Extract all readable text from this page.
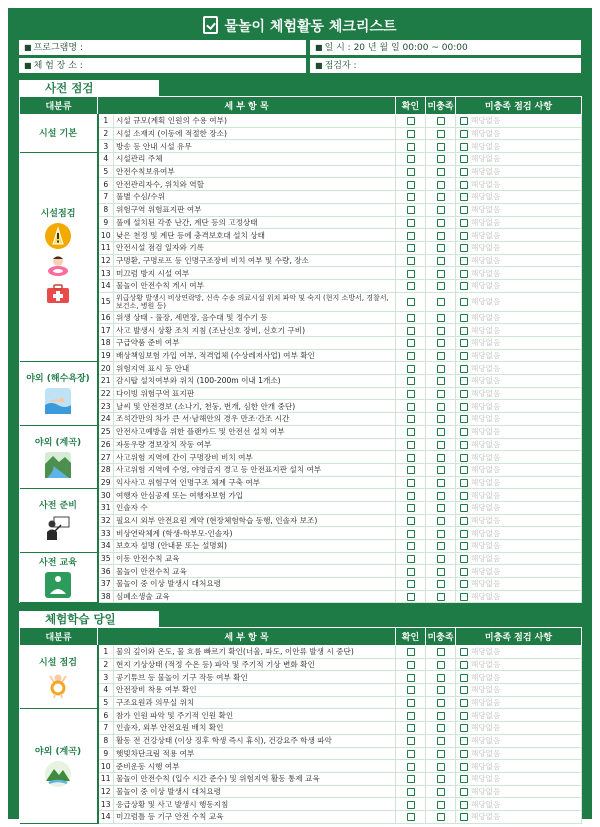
물놀이 체험활동 체크리스트
■ 프로그램명 :	■ 일 시 : 20 년 월 일 00:00 ~ 00:00
■ 체 험 장 소 :	■ 점검자 :
사전 점검
대분류	세 부 항 목		확인	미충족	미충족 점검 사항

시설 기본	1	시설 규모(계획 인원의 수용 여부)			해당없음
	2	시설 소재지 (이동에 적절한 장소)			해당없음
	3	방송 등 안내 시설 유무			해당없음

시설점검	4	시설관리 주체			해당없음
	5	안전수칙보유여부			해당없음
	6	안전관리자수, 위치와 역할			해당없음
	7	풀별 수심/수위			해당없음
	8	위험구역 위험표지판 여부			해당없음
	9	풀에 설치된 각종 난간, 계단 등의 고정상태			해당없음
	10	낮은 천정 및 계단 등에 충격보호대 설치 상태			해당없음
	11	안전시설 점검 일자와 기록			해당없음
	12	구명환, 구명로프 등 인명구조장비 비치 여부 및 수량, 장소			해당없음
	13	미끄럼 방지 시설 여부			해당없음
	14	물놀이 안전수칙 게시 여부			해당없음
	15	위급상황 발생시 비상연락망, 신속 수송 의료시설 위치 파악 및 숙지 (현지 소방서, 경찰서, 보건소, 병원 등)			해당없음
	16	위생 상태 - 풀장, 세면장, 음수대 및 정수기 등			해당없음
	17	사고 발생시 상황 조치 지침 (조난신호 장비, 신호기 구비)			해당없음
	18	구급약품 준비 여부			해당없음
	19	배상책임보험 가입 여부, 적격업체 (수상레저사업) 여부 확인			해당없음

야외 (해수욕장)	20	위험지역 표시 등 안내			해당없음
	21	감시탑 설치여부와 위치 (100-200m 이내 1개소)			해당없음
	22	다이빙 위험구역 표지판			해당없음
	23	날씨 및 안전경보 (소나기, 천둥, 번개, 심한 안개 중단)			해당없음
	24	조석간만의 차가 큰 서·남해안의 경우 만조·간조 시간			해당없음

야외 (계곡)	25	안전사고예방을 위한 플랜카드 및 안전선 설치 여부			해당없음
	26	자동우량 경보장치 작동 여부			해당없음
	27	사고위험 지역에 간이 구명장비 비치 여부			해당없음
	28	사고위험 지역에 수영, 야영금지 경고 등 안전표지판 설치 여부			해당없음
	29	익사사고 위험구역 인명구조 체계 구축 여부			해당없음

사전 준비	30	여행자 안심공제 또는 여행자보험 가입			해당없음
	31	인솔자 수			해당없음
	32	필요시 외부 안전요원 계약 (현장체험학습 동행, 인솔자 보조)			해당없음
	33	비상연락체계 (학생-학부모-인솔자)			해당없음
	34	보호자 설명 (안내문 또는 설명회)			해당없음

사전 교육	35	이동 안전수칙 교육			해당없음
	36	물놀이 안전수칙 교육			해당없음
	37	물놀이 중 이상 발생시 대처요령			해당없음
	38	심폐소생술 교육			해당없음
체험학습 당일
대분류	세 부 항 목		확인	미충족	미충족 점검 사항

시설 점검	1	물의 깊이와 온도, 물 흐름 빠르기 확인(너울, 파도, 이안류 발생 시 중단)			해당없음
	2	현지 기상상태 (적정 수온 등) 파악 및 주기적 기상 변화 확인			해당없음
	3	공기튜브 등 물놀이 기구 작동 여부 확인			해당없음
	4	안전장비 착용 여부 확인			해당없음
	5	구조요원과 의무실 위치			해당없음

야외 (계곡)	6	참가 인원 파악 및 주기적 인원 확인			해당없음
	7	인솔자, 외부 안전요원 배치 확인			해당없음
	8	활동 전 건강상태 (이상 징후 학생 즉시 휴식), 건강요주 학생 파악			해당없음
	9	햇빛차단크림 적용 여부			해당없음
	10	준비운동 시행 여부			해당없음
	11	물놀이 안전수칙 (입수 시간 준수) 및 위험지역 활동 통제 교육			해당없음
	12	물놀이 중 이상 발생시 대처요령			해당없음
	13	응급상황 및 사고 발생시 행동지침			해당없음
	14	미끄럼틀 등 기구 안전 수칙 교육			해당없음
